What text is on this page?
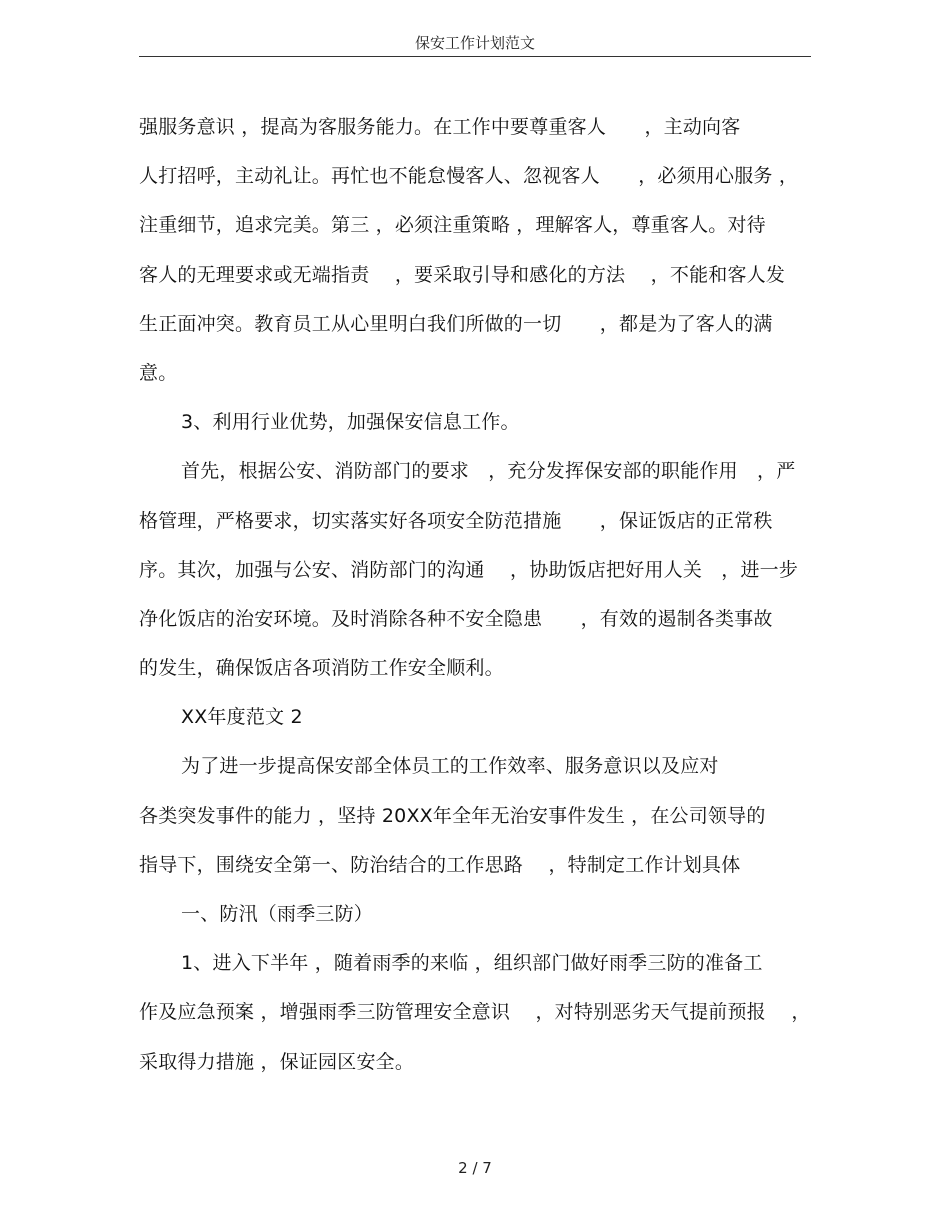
保安工作计划范文
强服务意识 ，提高为客服务能力。在工作中要尊重客人　　，主动向客
人打招呼，主动礼让。再忙也不能怠慢客人、忽视客人　　，必须用心服务 ，
注重细节，追求完美。第三 ，必须注重策略 ，理解客人，尊重客人。对待
客人的无理要求或无端指责　 ，要采取引导和感化的方法　 ，不能和客人发
生正面冲突。教育员工从心里明白我们所做的一切　　，都是为了客人的满
意。
3、利用行业优势，加强保安信息工作。
首先，根据公安、消防部门的要求　，充分发挥保安部的职能作用　，严
格管理，严格要求，切实落实好各项安全防范措施　　，保证饭店的正常秩
序。其次，加强与公安、消防部门的沟通　 ，协助饭店把好用人关　，进一步
净化饭店的治安环境。及时消除各种不安全隐患　　，有效的遏制各类事故
的发生，确保饭店各项消防工作安全顺利。
XX年度范文 2
为了进一步提高保安部全体员工的工作效率、服务意识以及应对
各类突发事件的能力 ，坚持 20XX年全年无治安事件发生 ，在公司领导的
指导下，围绕安全第一、防治结合的工作思路　 ，特制定工作计划具体
一、防汛（雨季三防）
1、进入下半年 ，随着雨季的来临 ，组织部门做好雨季三防的准备工
作及应急预案 ，增强雨季三防管理安全意识　 ，对特别恶劣天气提前预报　 ，
采取得力措施 ，保证园区安全。
2 / 7
